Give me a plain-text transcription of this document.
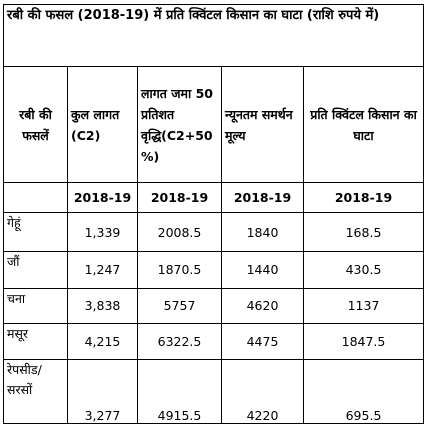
रबी की फसल (2018-19) में प्रति क्विंटल किसान का घाटा (राशि रुपये में)				
रबी की फसलें	कुल लागत (C2)	लागत जमा 50 प्रतिशत वृद्धि(C2+50 %)	न्यूनतम समर्थन मूल्य	प्रति क्विंटल किसान का घाटा
	2018-19	2018-19	2018-19	2018-19
गेहूं	1,339	2008.5	1840	168.5
जौं	1,247	1870.5	1440	430.5
चना	3,838	5757	4620	1137
मसूर	4,215	6322.5	4475	1847.5
रेपसीड/ सरसों	3,277	4915.5	4220	695.5
